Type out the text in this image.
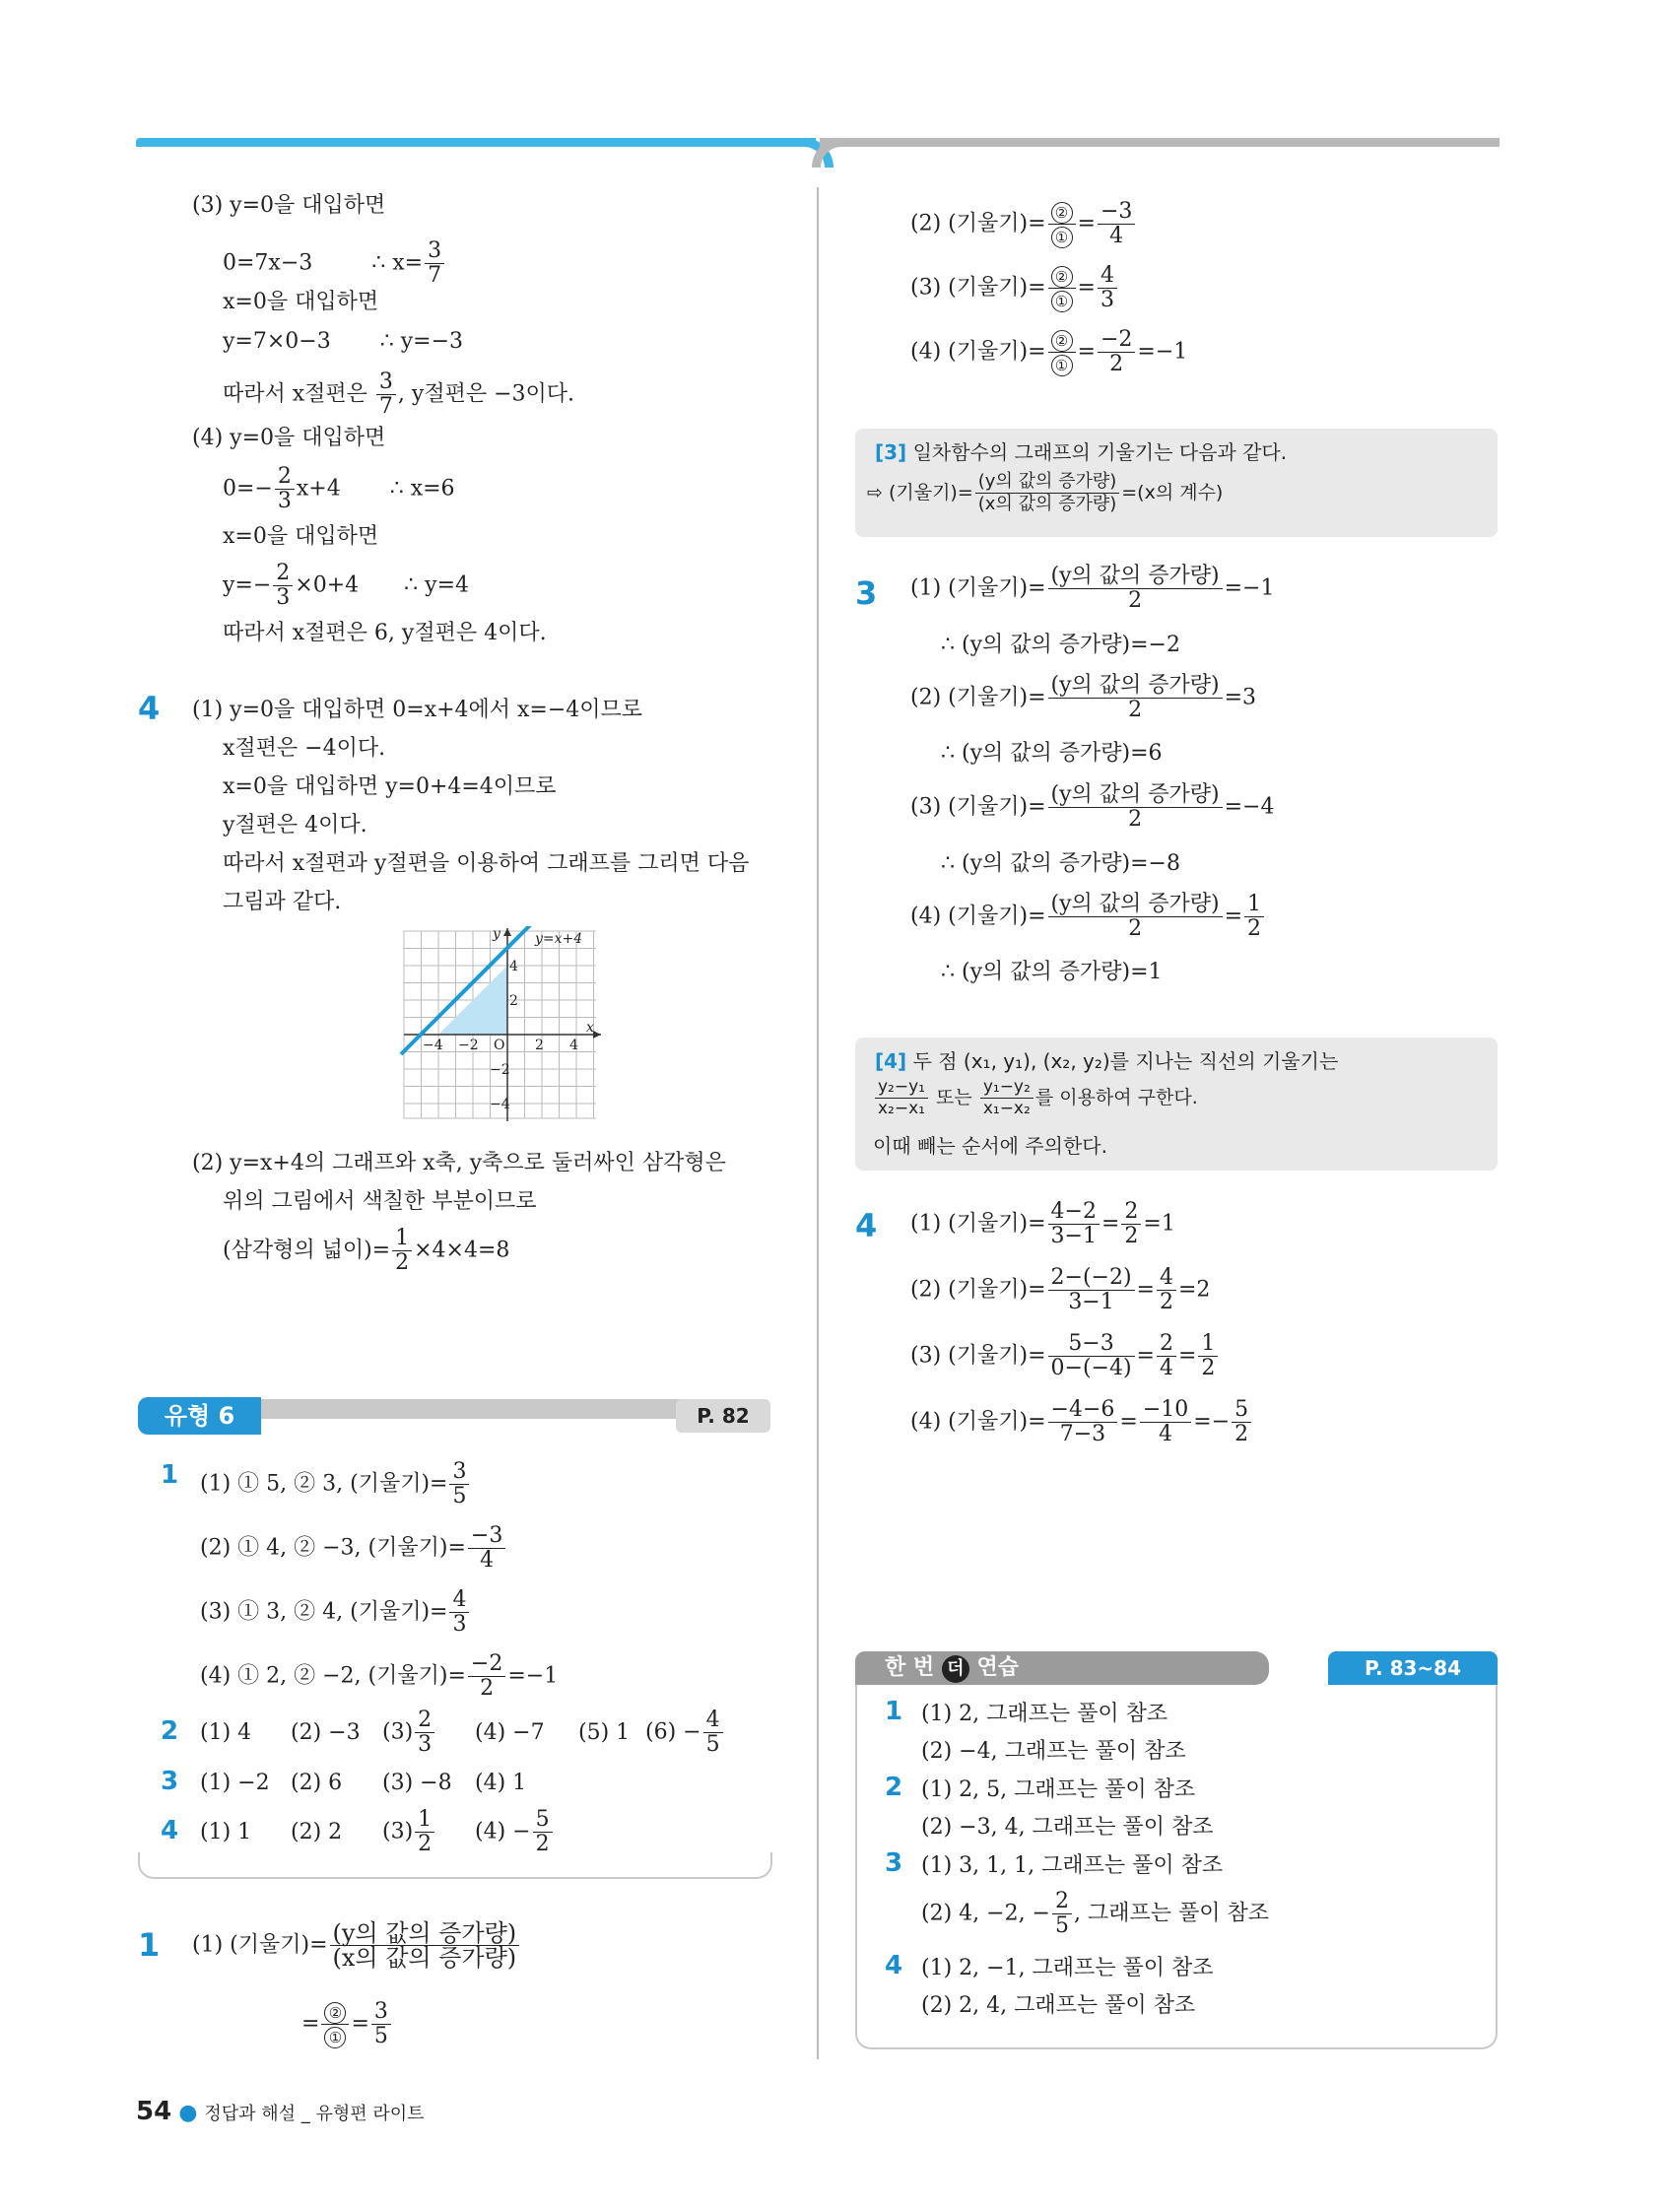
(3) y=0을 대입하면
0=7x−3	∴ $x= \frac{3}{7}$
x=0을 대입하면
y=7×0−3 ∴ y=−3
따라서 x절편은 $\frac{3}{7}$ , y절편은 −3이다.
(4) y=0을 대입하면
$0=- \frac{2}{3} x+4$ ∴ x=6
x=0을 대입하면
$y=- \frac{2}{3} \times 0+4$ ∴ y=4
따라서 x절편은 6, y절편은 4이다.
4 (1) y=0을 대입하면 0=x+4에서 x=−4이므로
x절편은 −4이다.
x=0을 대입하면 y=0+4=4이므로
y절편은 4이다.
따라서 x절편과 y절편을 이용하여 그래프를 그리면 다음
그림과 같다.
y=x+4
y
x
O
−4 −2	2 4
4
2
−2
−4
(2) y=x+4의 그래프와 x축, y축으로 둘러싸인 삼각형은
위의 그림에서 색칠한 부분이므로
(삼각형의 넓이)= $\frac{1}{2} \times 4\times 4=8$
유형 6	P. 82
1 (1) ① 5, ② 3, (기울기)= $\frac{3}{5}$
(2) ① 4, ② −3, (기울기)= $\frac{-3}{4}$
(3) ① 3, ② 4, (기울기)= $\frac{4}{3}$
(4) ① 2, ② −2, (기울기)= $\frac{-2}{2} =-1$
2 (1) 4 (2) −3 $(3) \frac{2}{3} (4) -7$ (5) 1 $(6) - \frac{4}{5}$
3 (1) −2 (2) 6 (3) −8 (4) 1
4 (1) 1 (2) 2 $(3) \frac{1}{2} (4) - \frac{5}{2}$
1 (1) (기울기)= $\frac{\text{(y의 값의 증가량)}}{\text{(x의 값의 증가량)}}$
= $\frac{\text{②}}{\text{①}} = \frac{3}{5}$
54 ● 정답과 해설 _ 유형편 라이트
(2) (기울기)= $\frac{\text{②}}{\text{①}} = \frac{-3}{4}$
(3) (기울기)= $\frac{\text{②}}{\text{①}} = \frac{4}{3}$
(4) (기울기)= $\frac{\text{②}}{\text{①}} = \frac{-2}{2} =-1$
[3] 일차함수의 그래프의 기울기는 다음과 같다.
⇨ (기울기)= $\frac{\text{(y의 값의 증가량)}}{\text{(x의 값의 증가량)}} =(x$의 계수)
3 (1) (기울기)= $\frac{\text{(y의 값의 증가량)}}{2} =-1$
∴ (y의 값의 증가량)=−2
(2) (기울기)= $\frac{\text{(y의 값의 증가량)}}{2} =3$
∴ (y의 값의 증가량)=6
(3) (기울기)= $\frac{\text{(y의 값의 증가량)}}{2} =-4$
∴ (y의 값의 증가량)=−8
(4) (기울기)= $\frac{\text{(y의 값의 증가량)}}{2} = \frac{1}{2}$
∴ (y의 값의 증가량)=1
[4] 두 점 (x₁, y₁), (x₂, y₂)를 지나는 직선의 기울기는
$\frac{\text{y₂−y₁}}{\text{x₂−x₁}}$ 또는 $\frac{\text{y₁−y₂}}{\text{x₁−x₂}}$ 를 이용하여 구한다.
이때 빼는 순서에 주의한다.
4 (1) (기울기)= $\frac{4-2}{3-1} = \frac{2}{2} =1$
(2) (기울기)= $\frac{2-(-2)}{3-1} = \frac{4}{2} =2$
(3) (기울기)= $\frac{5-3}{0-(-4)} = \frac{2}{4} = \frac{1}{2}$
(4) (기울기)= $\frac{-4-6}{7-3} = \frac{-10}{4} =- \frac{5}{2}$
한 번 더 연습	P. 83~84
1 (1) 2, 그래프는 풀이 참조
(2) −4, 그래프는 풀이 참조
2 (1) 2, 5, 그래프는 풀이 참조
(2) −3, 4, 그래프는 풀이 참조
3 (1) 3, 1, 1, 그래프는 풀이 참조
(2) 4, −2, − $\frac{2}{5}$ , 그래프는 풀이 참조
4 (1) 2, −1, 그래프는 풀이 참조
(2) 2, 4, 그래프는 풀이 참조
